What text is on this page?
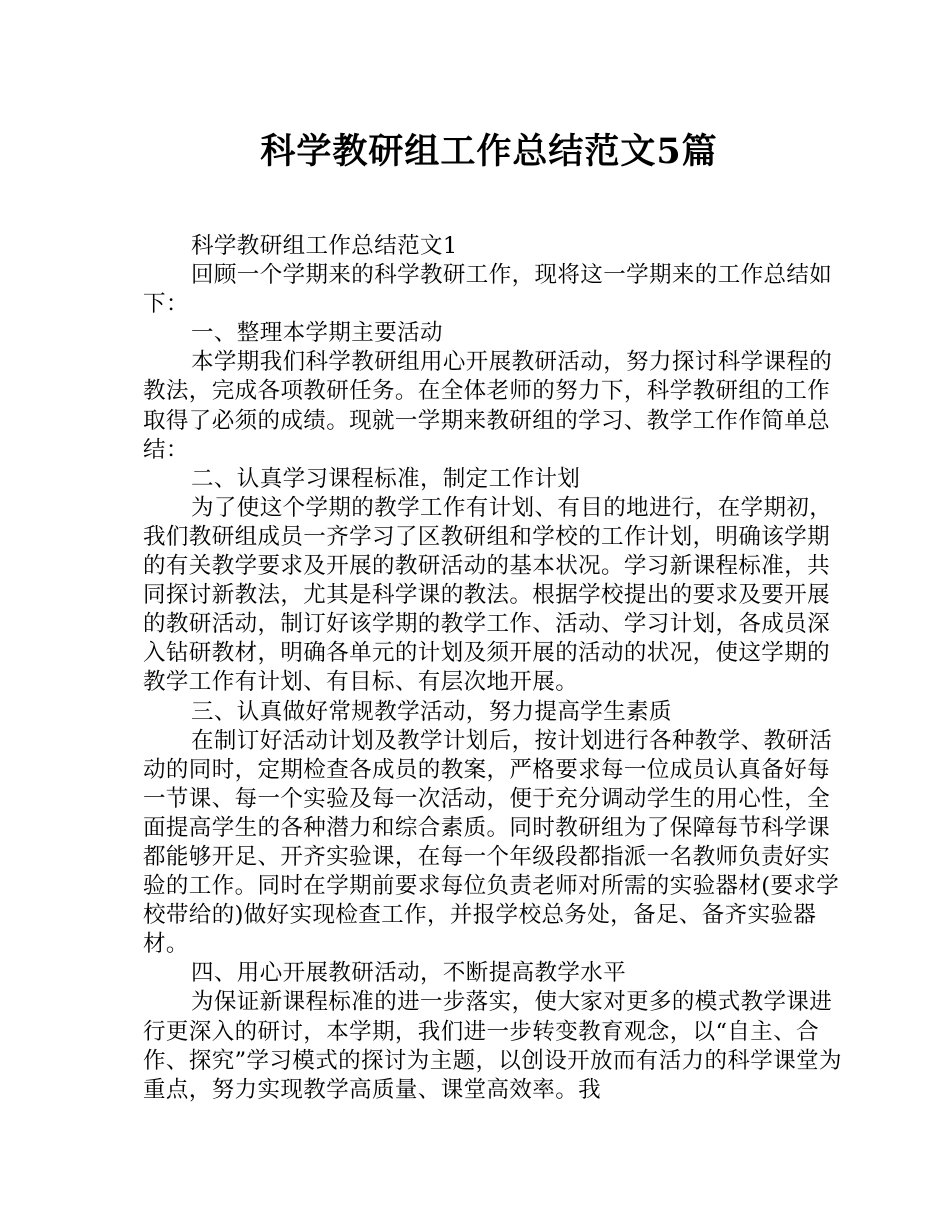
科学教研组工作总结范文5篇

科学教研组工作总结范文1

回顾一个学期来的科学教研工作，现将这一学期来的工作总结如下：

一、整理本学期主要活动

本学期我们科学教研组用心开展教研活动，努力探讨科学课程的教法，完成各项教研任务。在全体老师的努力下，科学教研组的工作取得了必须的成绩。现就一学期来教研组的学习、教学工作作简单总结：

二、认真学习课程标准，制定工作计划

为了使这个学期的教学工作有计划、有目的地进行，在学期初，我们教研组成员一齐学习了区教研组和学校的工作计划，明确该学期的有关教学要求及开展的教研活动的基本状况。学习新课程标准，共同探讨新教法，尤其是科学课的教法。根据学校提出的要求及要开展的教研活动，制订好该学期的教学工作、活动、学习计划，各成员深入钻研教材，明确各单元的计划及须开展的活动的状况，使这学期的教学工作有计划、有目标、有层次地开展。

三、认真做好常规教学活动，努力提高学生素质

在制订好活动计划及教学计划后，按计划进行各种教学、教研活动的同时，定期检查各成员的教案，严格要求每一位成员认真备好每一节课、每一个实验及每一次活动，便于充分调动学生的用心性，全面提高学生的各种潜力和综合素质。同时教研组为了保障每节科学课都能够开足、开齐实验课，在每一个年级段都指派一名教师负责好实验的工作。同时在学期前要求每位负责老师对所需的实验器材(要求学校带给的)做好实现检查工作，并报学校总务处，备足、备齐实验器材。

四、用心开展教研活动，不断提高教学水平

为保证新课程标准的进一步落实，使大家对更多的模式教学课进行更深入的研讨，本学期，我们进一步转变教育观念，以“自主、合作、探究”学习模式的探讨为主题，以创设开放而有活力的科学课堂为重点，努力实现教学高质量、课堂高效率。我
